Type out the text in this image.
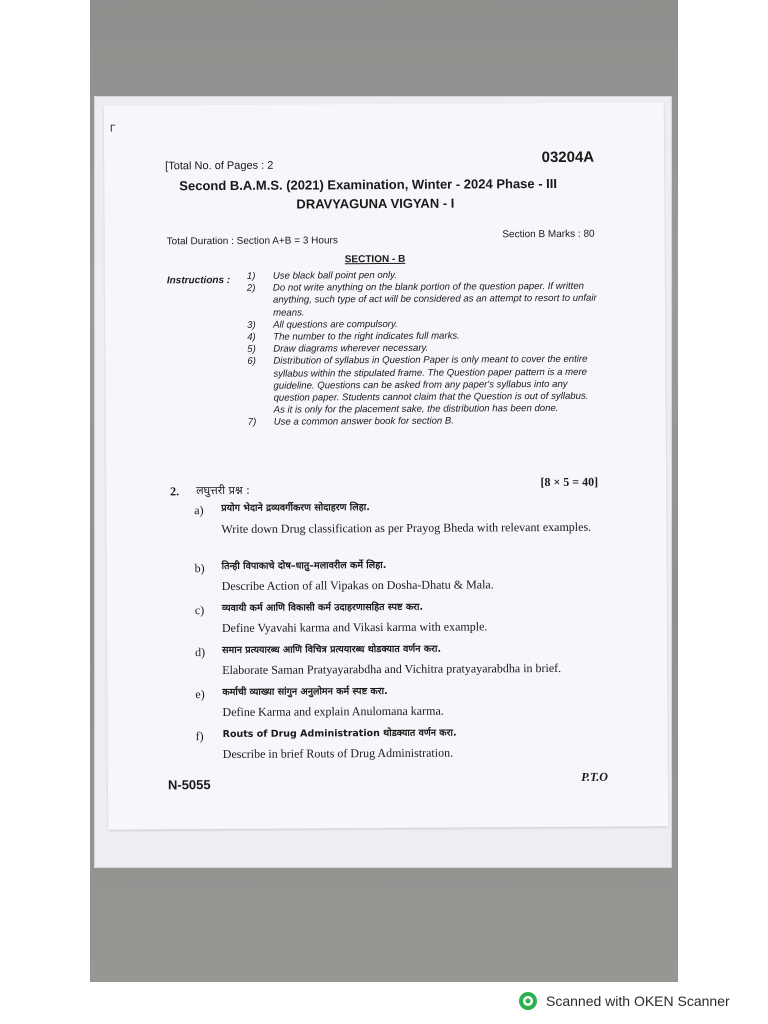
Г
[Total No. of Pages : 2	03204A
Second B.A.M.S. (2021) Examination, Winter - 2024 Phase - III
DRAVYAGUNA VIGYAN - I
Total Duration : Section A+B = 3 Hours
Section B Marks : 80
SECTION - B
Instructions : 1)	Use black ball point pen only.
2)	Do not write anything on the blank portion of the question paper. If written anything, such type of act will be considered as an attempt to resort to unfair means.
3)	All questions are compulsory.
4)	The number to the right indicates full marks.
5)	Draw diagrams wherever necessary.
6)	Distribution of syllabus in Question Paper is only meant to cover the entire syllabus within the stipulated frame. The Question paper pattern is a mere guideline. Questions can be asked from any paper's syllabus into any question paper. Students cannot claim that the Question is out of syllabus. As it is only for the placement sake, the distribution has been done.
7)	Use a common answer book for section B.
2. लघुत्तरी प्रश्न :
[8 × 5 = 40]
a) प्रयोग भेदाने द्रव्यवर्गीकरण सोदाहरण लिहा.
Write down Drug classification as per Prayog Bheda with relevant examples.
b) तिन्ही विपाकाचे दोष–धातु–मलावरील कर्मे लिहा.
Describe Action of all Vipakas on Dosha-Dhatu & Mala.
c) व्यवायी कर्म आणि विकासी कर्म उदाहरणासहित स्पष्ट करा.
Define Vyavahi karma and Vikasi karma with example.
d) समान प्रत्ययारब्ध आणि विचित्र प्रत्ययारब्ध थोडक्यात वर्णन करा.
Elaborate Saman Pratyayarabdha and Vichitra pratyayarabdha in brief.
e) कर्माची व्याख्या सांगुन अनुलोमन कर्म स्पष्ट करा.
Define Karma and explain Anulomana karma.
f) Routs of Drug Administration थोडक्यात वर्णन करा.
Describe in brief Routs of Drug Administration.
N-5055
P.T.O
Scanned with OKEN Scanner
